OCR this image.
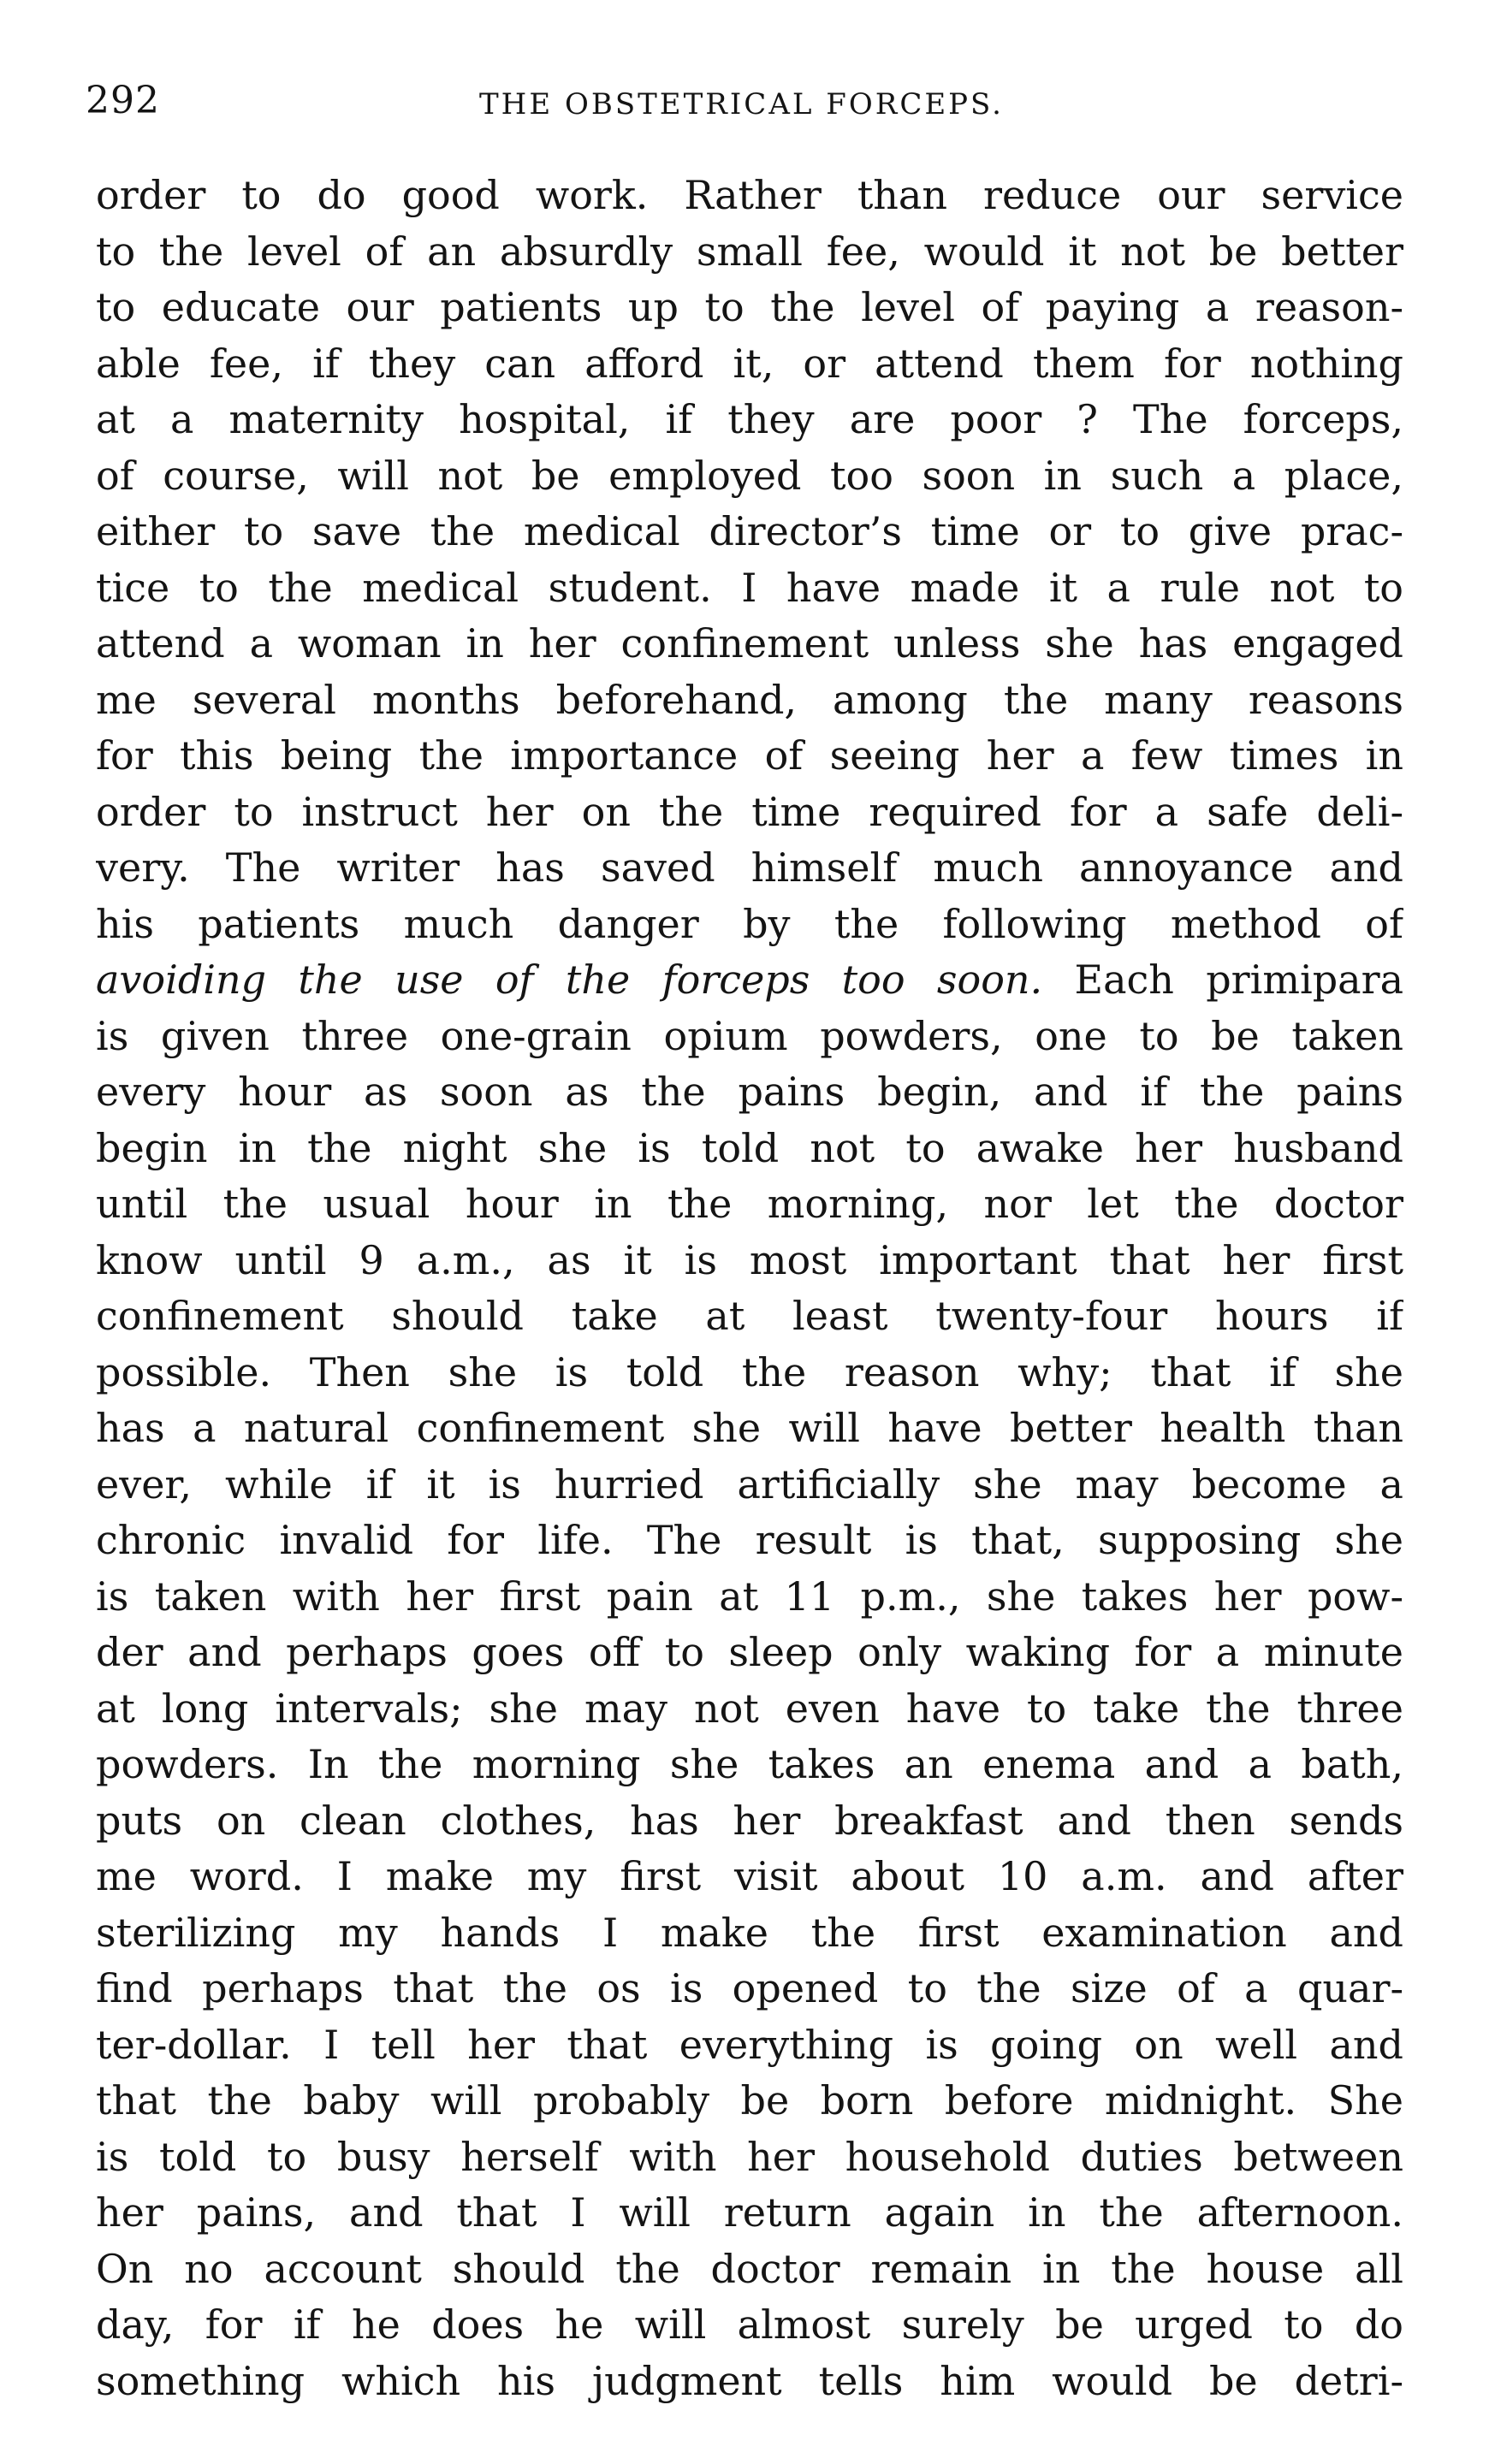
292	THE OBSTETRICAL FORCEPS.
order to do good work. Rather than reduce our service
to the level of an absurdly small fee, would it not be better
to educate our patients up to the level of paying a reason-
able fee, if they can afford it, or attend them for nothing
at a maternity hospital, if they are poor ? The forceps,
of course, will not be employed too soon in such a place,
either to save the medical director’s time or to give prac-
tice to the medical student. I have made it a rule not to
attend a woman in her confinement unless she has engaged
me several months beforehand, among the many reasons
for this being the importance of seeing her a few times in
order to instruct her on the time required for a safe deli-
very. The writer has saved himself much annoyance and
his patients much danger by the following method of
avoiding the use of the forceps too soon. Each primipara
is given three one-grain opium powders, one to be taken
every hour as soon as the pains begin, and if the pains
begin in the night she is told not to awake her husband
until the usual hour in the morning, nor let the doctor
know until 9 a.m., as it is most important that her first
confinement should take at least twenty-four hours if
possible. Then she is told the reason why; that if she
has a natural confinement she will have better health than
ever, while if it is hurried artificially she may become a
chronic invalid for life. The result is that, supposing she
is taken with her first pain at 11 p.m., she takes her pow-
der and perhaps goes off to sleep only waking for a minute
at long intervals; she may not even have to take the three
powders. In the morning she takes an enema and a bath,
puts on clean clothes, has her breakfast and then sends
me word. I make my first visit about 10 a.m. and after
sterilizing my hands I make the first examination and
find perhaps that the os is opened to the size of a quar-
ter-dollar. I tell her that everything is going on well and
that the baby will probably be born before midnight. She
is told to busy herself with her household duties between
her pains, and that I will return again in the afternoon.
On no account should the doctor remain in the house all
day, for if he does he will almost surely be urged to do
something which his judgment tells him would be detri-
